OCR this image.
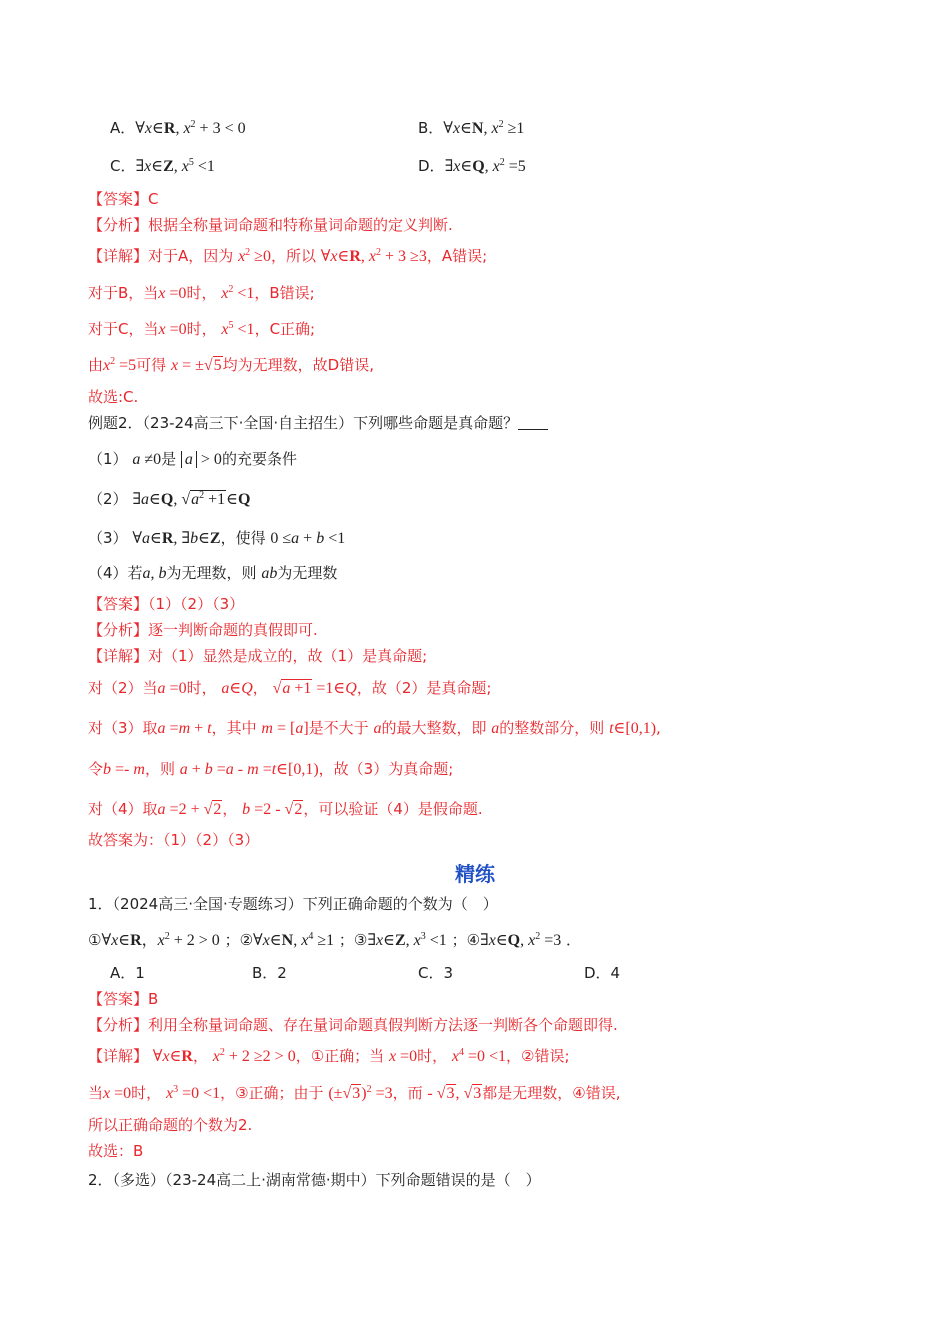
A．∀x∈R, $x^2 + 3 < 0$	B．∀x∈N, $x^2 \ge 1$
C．∃x∈Z, $x^5 <1$	D．∃x∈Q, $x^2 =5$
【答案】C
【分析】根据全称量词命题和特称量词命题的定义判断.
【详解】对于A，因为 $x^2 \ge 0$，所以 ∀x∈R, $x^2 + 3 \ge 3$，A错误;
对于B，当x =0时， $x^2 <1$，B错误;
对于C，当x =0时， $x^5 <1$，C正确;
由$x^2 =5$可得 x = ±√5均为无理数，故D错误,
故选:C.
例题2．（23-24高三下·全国·自主招生）下列哪些命题是真命题？
（1） a ≠0是 a > 0的充要条件
（2） ∃a∈Q, $√a^2$ +1∈Q
（3） ∀a∈R, ∃b∈Z，使得 0 ≤a + b <1
（4）若a, b为无理数，则 ab为无理数
【答案】（1）（2）（3）
【分析】逐一判断命题的真假即可.
【详解】对（1）显然是成立的，故（1）是真命题;
对（2）当a =0时， a∈Q， √a +1 =1∈Q，故（2）是真命题;
对（3）取a =m + t，其中 m = [a]是不大于 a的最大整数，即 a的整数部分，则 t∈[0,1),
令b =- m，则 a + b =a - m =t∈[0,1)，故（3）为真命题;
对（4）取a =2 + √2， b =2 - √2，可以验证（4）是假命题.
故答案为：（1）（2）（3）
精练
1．（2024高三·全国·专题练习）下列正确命题的个数为（　）
①∀x∈R，$x^2 + 2 > 0$ ；②∀x∈N, $x^4 \ge 1$ ；③∃x∈Z, $x^3 <1$ ；④∃x∈Q, $x^2 =3$ ．
A．1	B．2	C．3	D．4
【答案】B
【分析】利用全称量词命题、存在量词命题真假判断方法逐一判断各个命题即得.
【详解】 ∀x∈R， $x^2 + 2 \ge 2 > 0$，①正确；当 x =0时， $x^4 =0 <1$，②错误;
当x =0时， $x^3 =0 <1$，③正确；由于 $(\pm√3)^2 =3$，而 - √3, √3都是无理数，④错误,
所以正确命题的个数为2.
故选：B
2．（多选）（23-24高二上·湖南常德·期中）下列命题错误的是（　）
